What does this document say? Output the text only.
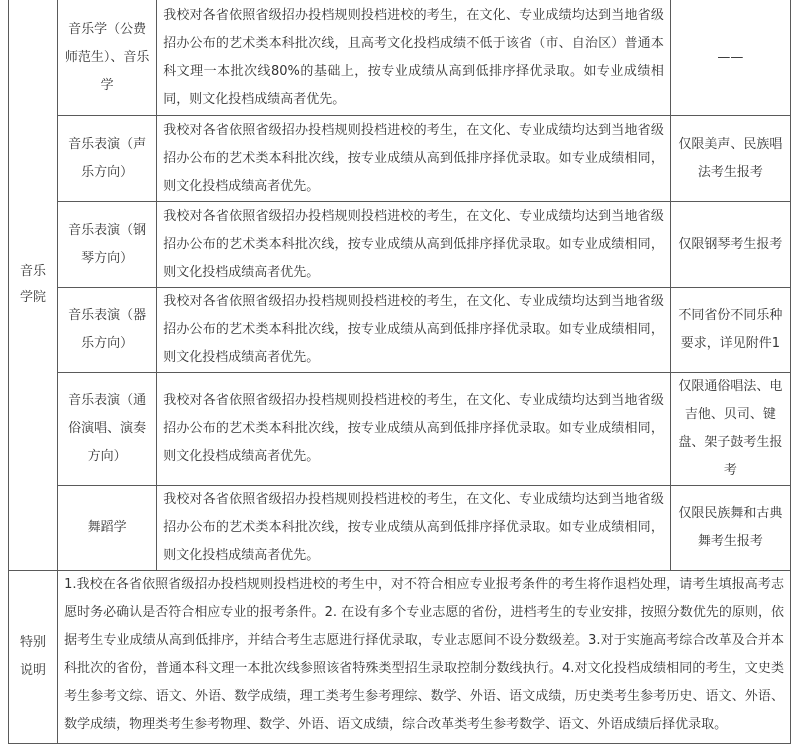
音乐学院	音乐学（公费师范生）、音乐学	我校对各省依照省级招办投档规则投档进校的考生，在文化、专业成绩均达到当地省级招办公布的艺术类本科批次线，且高考文化投档成绩不低于该省（市、自治区）普通本科文理一本批次线80%的基础上，按专业成绩从高到低排序择优录取。如专业成绩相同，则文化投档成绩高者优先。	——
	音乐表演（声乐方向）	我校对各省依照省级招办投档规则投档进校的考生，在文化、专业成绩均达到当地省级招办公布的艺术类本科批次线，按专业成绩从高到低排序择优录取。如专业成绩相同，则文化投档成绩高者优先。	仅限美声、民族唱法考生报考
	音乐表演（钢琴方向）	我校对各省依照省级招办投档规则投档进校的考生，在文化、专业成绩均达到当地省级招办公布的艺术类本科批次线，按专业成绩从高到低排序择优录取。如专业成绩相同，则文化投档成绩高者优先。	仅限钢琴考生报考
	音乐表演（器乐方向）	我校对各省依照省级招办投档规则投档进校的考生，在文化、专业成绩均达到当地省级招办公布的艺术类本科批次线，按专业成绩从高到低排序择优录取。如专业成绩相同，则文化投档成绩高者优先。	不同省份不同乐种要求，详见附件1
	音乐表演（通俗演唱、演奏方向）	我校对各省依照省级招办投档规则投档进校的考生，在文化、专业成绩均达到当地省级招办公布的艺术类本科批次线，按专业成绩从高到低排序择优录取。如专业成绩相同，则文化投档成绩高者优先。	仅限通俗唱法、电吉他、贝司、键盘、架子鼓考生报考
	舞蹈学	我校对各省依照省级招办投档规则投档进校的考生，在文化、专业成绩均达到当地省级招办公布的艺术类本科批次线，按专业成绩从高到低排序择优录取。如专业成绩相同，则文化投档成绩高者优先。	仅限民族舞和古典舞考生报考

特别说明	1.我校在各省依照省级招办投档规则投档进校的考生中，对不符合相应专业报考条件的考生将作退档处理，请考生填报高考志愿时务必确认是否符合相应专业的报考条件。2. 在设有多个专业志愿的省份，进档考生的专业安排，按照分数优先的原则，依据考生专业成绩从高到低排序，并结合考生志愿进行择优录取，专业志愿间不设分数级差。3.对于实施高考综合改革及合并本科批次的省份，普通本科文理一本批次线参照该省特殊类型招生录取控制分数线执行。4.对文化投档成绩相同的考生，文史类考生参考文综、语文、外语、数学成绩，理工类考生参考理综、数学、外语、语文成绩，历史类考生参考历史、语文、外语、数学成绩，物理类考生参考物理、数学、外语、语文成绩，综合改革类考生参考数学、语文、外语成绩后择优录取。		
